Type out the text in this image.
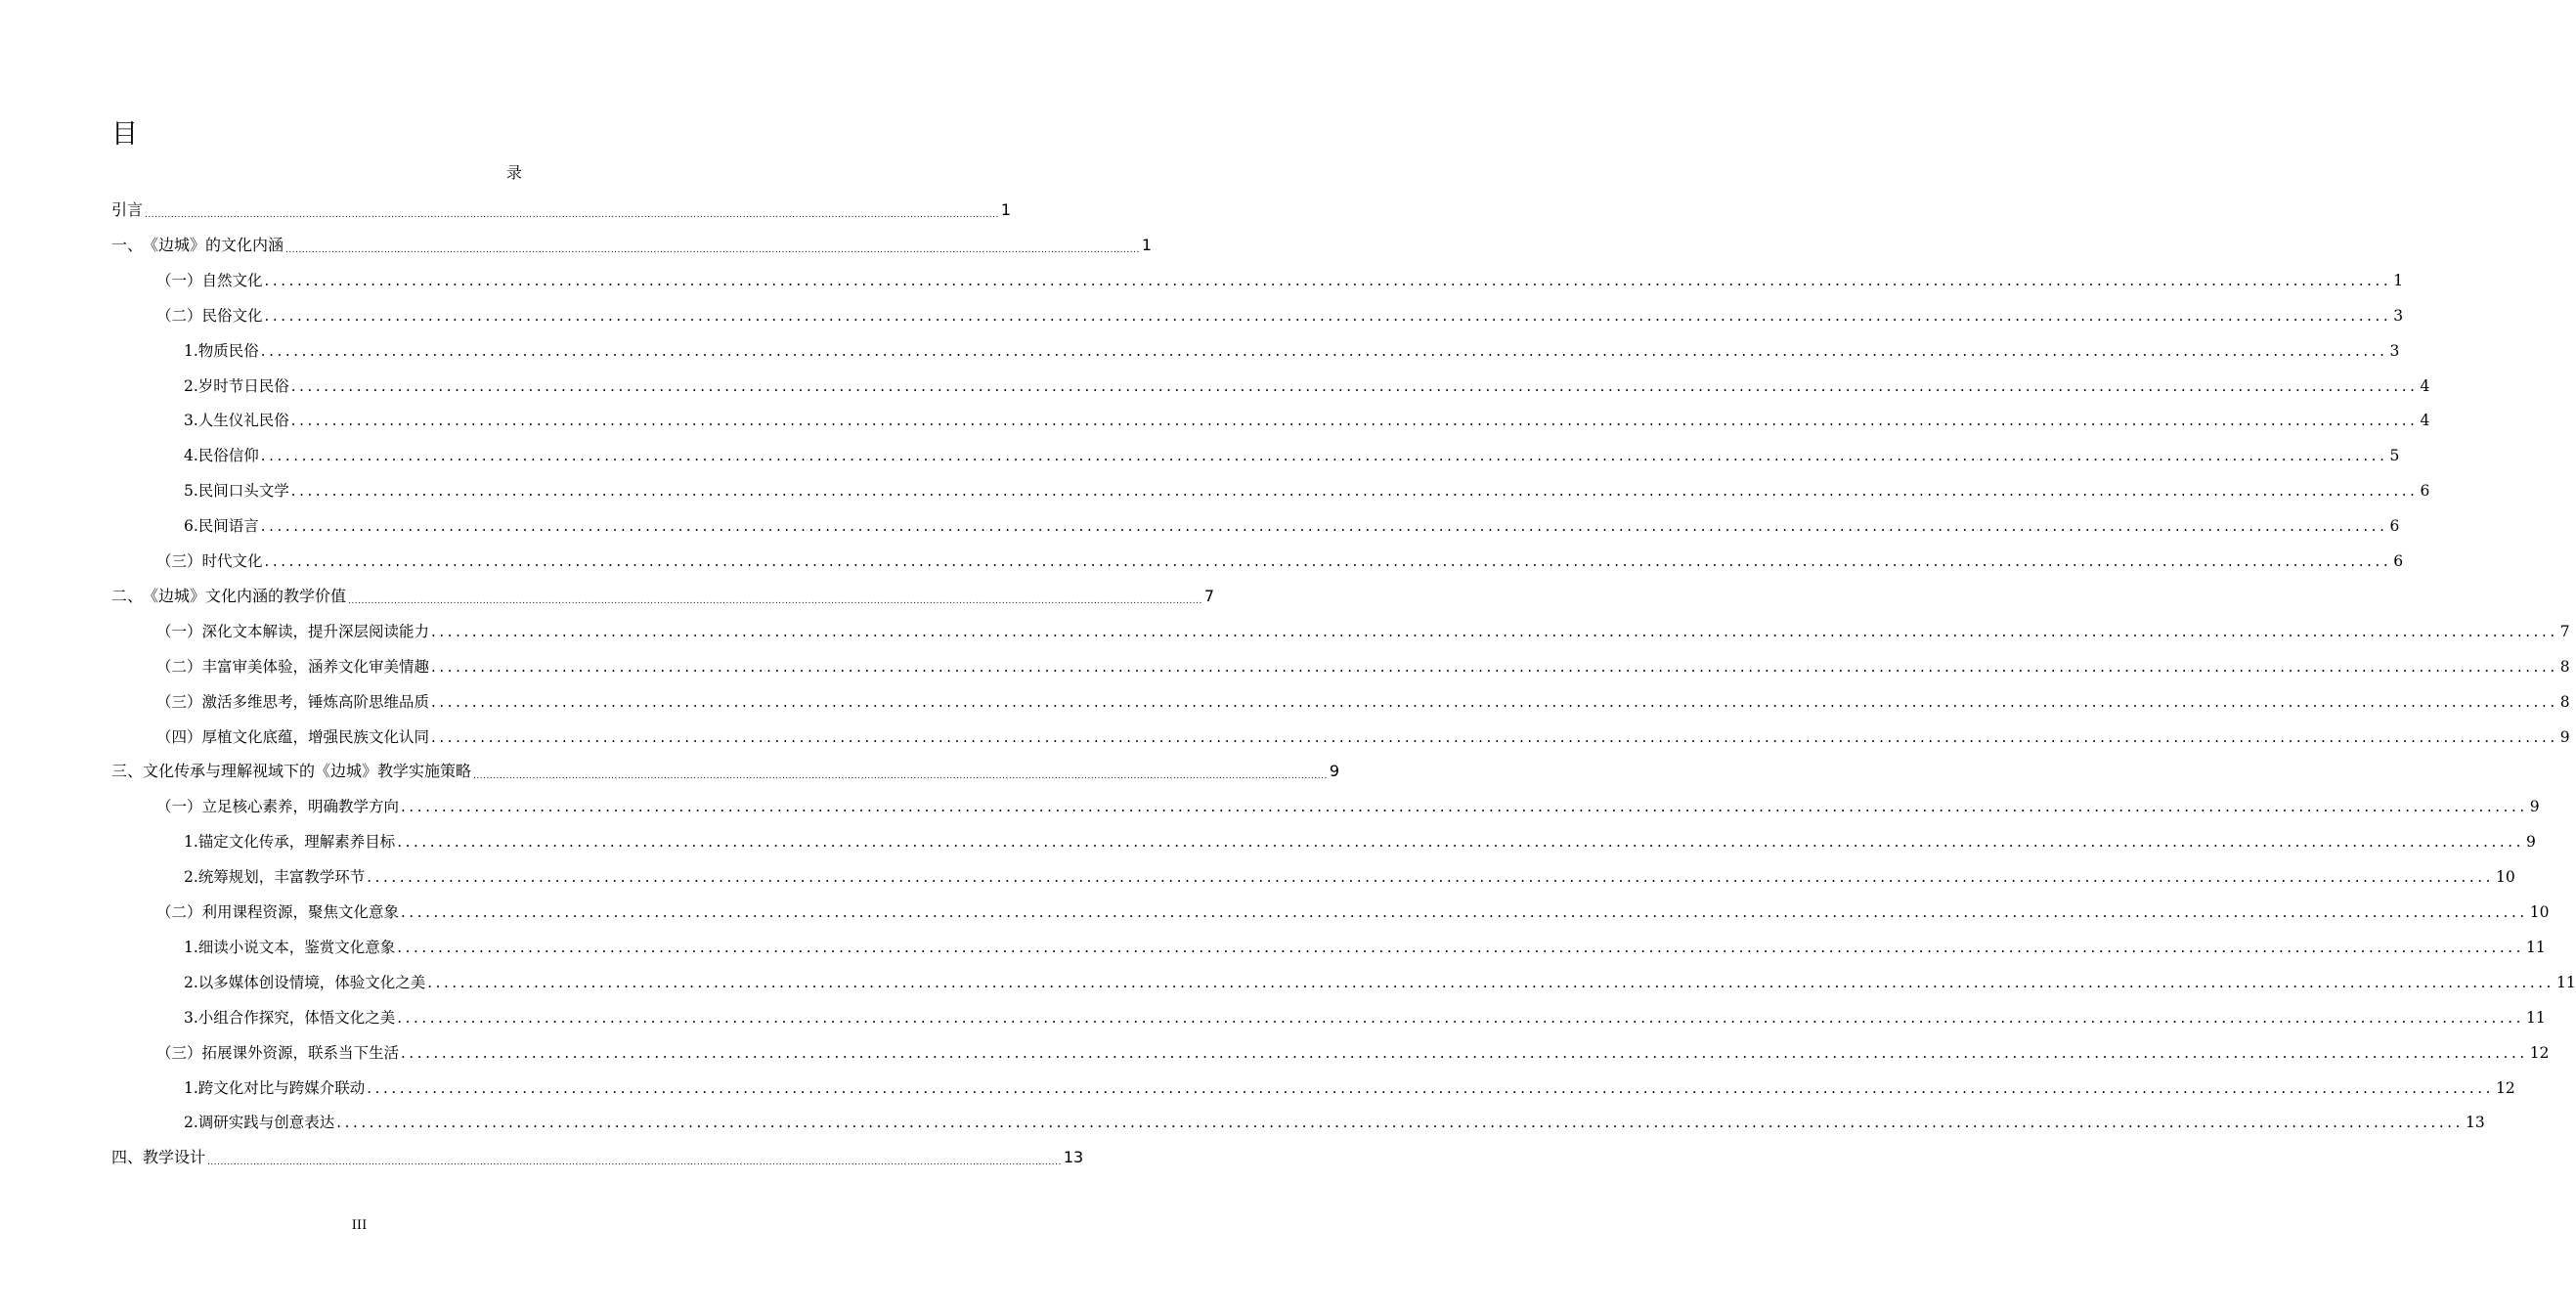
目
录
引言 .................................................................................................................................................................................................................................................................... 1
一、 《边城》的文化内涵 .................................................................................................................................................................................................................................................................... 1
（一）自然文化 .................................................................................................................................................................................................................................................................... 1
（二）民俗文化 .................................................................................................................................................................................................................................................................... 3
1.物质民俗 .................................................................................................................................................................................................................................................................... 3
2.岁时节日民俗 .................................................................................................................................................................................................................................................................... 4
3.人生仪礼民俗 .................................................................................................................................................................................................................................................................... 4
4.民俗信仰 .................................................................................................................................................................................................................................................................... 5
5.民间口头文学 .................................................................................................................................................................................................................................................................... 6
6.民间语言 .................................................................................................................................................................................................................................................................... 6
（三）时代文化 .................................................................................................................................................................................................................................................................... 6
二、 《边城》文化内涵的教学价值 .................................................................................................................................................................................................................................................................... 7
（一）深化文本解读，提升深层阅读能力 .................................................................................................................................................................................................................................................................... 7
（二）丰富审美体验，涵养文化审美情趣 .................................................................................................................................................................................................................................................................... 8
（三）激活多维思考，锤炼高阶思维品质 .................................................................................................................................................................................................................................................................... 8
（四）厚植文化底蕴，增强民族文化认同 .................................................................................................................................................................................................................................................................... 9
三、 文化传承与理解视域下的《边城》教学实施策略 .................................................................................................................................................................................................................................................................... 9
（一）立足核心素养，明确教学方向 .................................................................................................................................................................................................................................................................... 9
1.锚定文化传承，理解素养目标 .................................................................................................................................................................................................................................................................... 9
2.统筹规划，丰富教学环节 .................................................................................................................................................................................................................................................................... 10
（二）利用课程资源，聚焦文化意象 .................................................................................................................................................................................................................................................................... 10
1.细读小说文本，鉴赏文化意象 .................................................................................................................................................................................................................................................................... 11
2.以多媒体创设情境，体验文化之美 .................................................................................................................................................................................................................................................................... 11
3.小组合作探究，体悟文化之美 .................................................................................................................................................................................................................................................................... 11
（三）拓展课外资源，联系当下生活 .................................................................................................................................................................................................................................................................... 12
1.跨文化对比与跨媒介联动 .................................................................................................................................................................................................................................................................... 12
2.调研实践与创意表达 .................................................................................................................................................................................................................................................................... 13
四、 教学设计 .................................................................................................................................................................................................................................................................... 13
III
